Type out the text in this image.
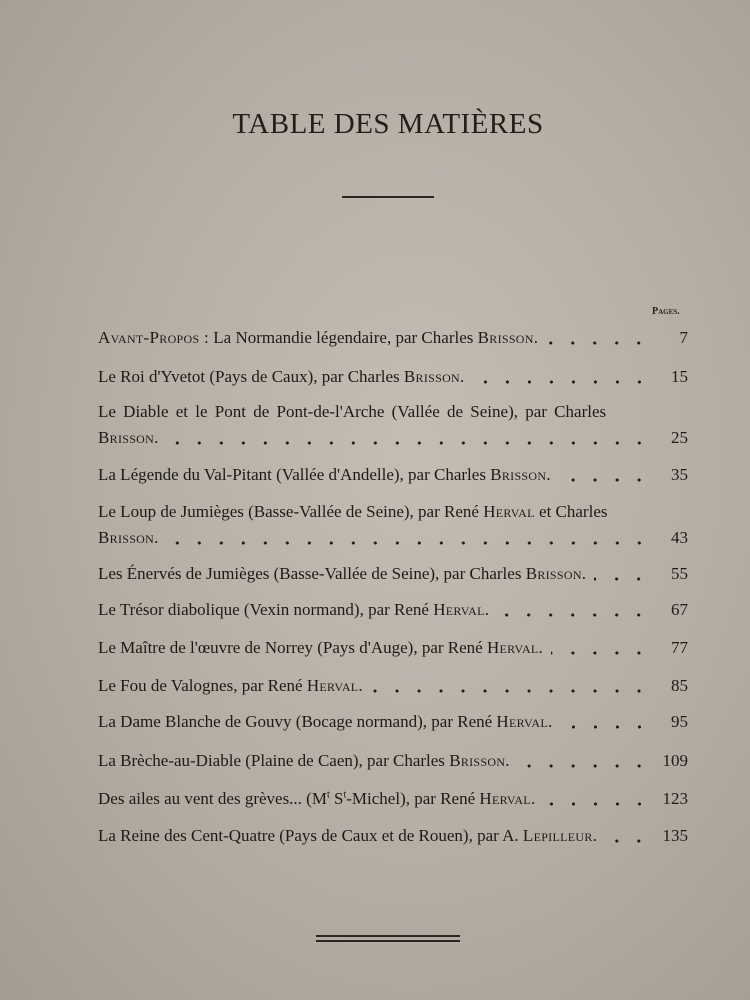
TABLE DES MATIÈRES
Pages.
Avant-Propos : La Normandie légendaire, par Charles Brisson.	7
Le Roi d'Yvetot (Pays de Caux), par Charles Brisson.	15
Le Diable et le Pont de Pont-de-l'Arche (Vallée de Seine), par Charles
Brisson.	25
La Légende du Val-Pitant (Vallée d'Andelle), par Charles Brisson.	35
Le Loup de Jumièges (Basse-Vallée de Seine), par René Herval et Charles
Brisson.	43
Les Énervés de Jumièges (Basse-Vallée de Seine), par Charles Brisson.	55
Le Trésor diabolique (Vexin normand), par René Herval.	67
Le Maître de l'œuvre de Norrey (Pays d'Auge), par René Herval.	77
Le Fou de Valognes, par René Herval.	85
La Dame Blanche de Gouvy (Bocage normand), par René Herval.	95
La Brèche-au-Diable (Plaine de Caen), par Charles Brisson.	109
Des ailes au vent des grèves... ($M^t$ $S^t-Michel$), par René Herval.	123
La Reine des Cent-Quatre (Pays de Caux et de Rouen), par A. Lepilleur.	135
